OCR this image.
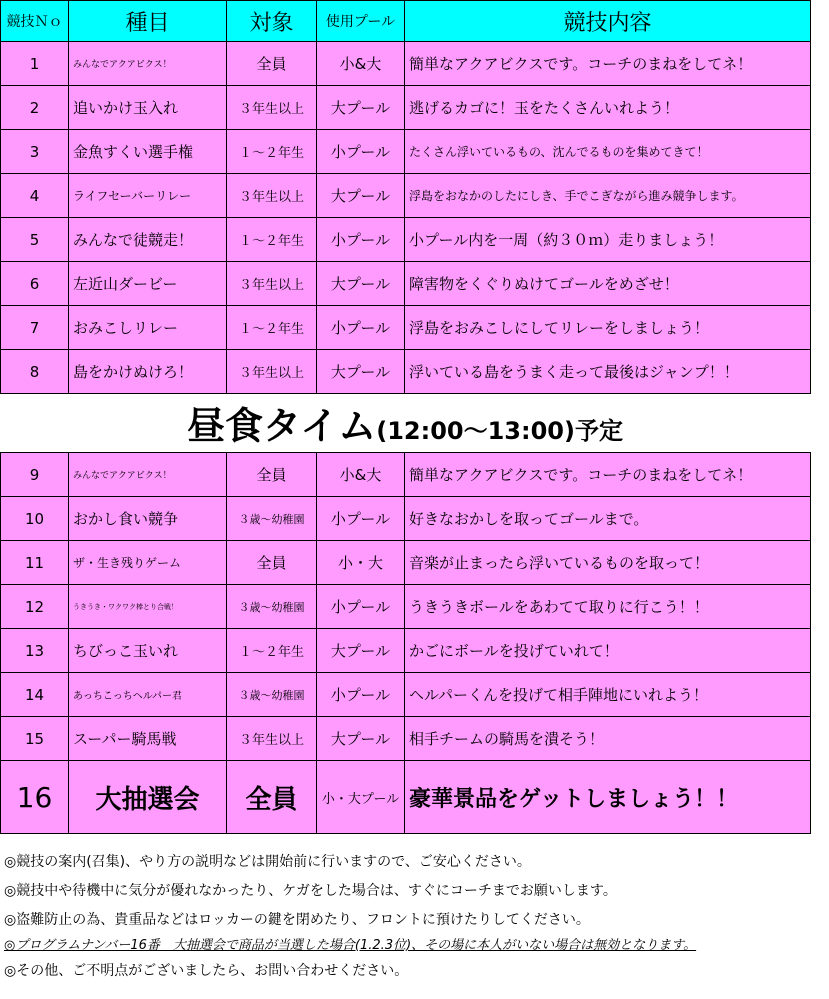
競技Ｎｏ	種目	対象	使用プール	競技内容
1	みんなでアクアビクス！	全員	小&大	簡単なアクアビクスです。コーチのまねをしてネ！
2	追いかけ玉入れ	３年生以上	大プール	逃げるカゴに！玉をたくさんいれよう！
3	金魚すくい選手権	１～２年生	小プール	たくさん浮いているもの、沈んでるものを集めてきて！
4	ライフセーバーリレー	３年生以上	大プール	浮島をおなかのしたにしき、手でこぎながら進み競争します。
5	みんなで徒競走！	１～２年生	小プール	小プール内を一周（約３０ｍ）走りましょう！
6	左近山ダービー	３年生以上	大プール	障害物をくぐりぬけてゴールをめざせ！
7	おみこしリレー	１～２年生	小プール	浮島をおみこしにしてリレーをしましょう！
8	島をかけぬけろ！	３年生以上	大プール	浮いている島をうまく走って最後はジャンプ！！
昼食タイム(12:00～13:00)予定
9	みんなでアクアビクス！	全員	小&大	簡単なアクアビクスです。コーチのまねをしてネ！
10	おかし食い競争	３歳～幼稚園	小プール	好きなおかしを取ってゴールまで。
11	ザ・生き残りゲーム	全員	小・大	音楽が止まったら浮いているものを取って！
12	うきうき・ワクワク棒とり合戦！	３歳～幼稚園	小プール	うきうきボールをあわてて取りに行こう！！
13	ちびっこ玉いれ	１～２年生	大プール	かごにボールを投げていれて！
14	あっちこっちヘルパー君	３歳～幼稚園	小プール	ヘルパーくんを投げて相手陣地にいれよう！
15	スーパー騎馬戦	３年生以上	大プール	相手チームの騎馬を潰そう！
16	大抽選会	全員	小・大プール	豪華景品をゲットしましょう！！
◎競技の案内(召集)、やり方の説明などは開始前に行いますので、ご安心ください。
◎競技中や待機中に気分が優れなかったり、ケガをした場合は、すぐにコーチまでお願いします。
◎盗難防止の為、貴重品などはロッカーの鍵を閉めたり、フロントに預けたりしてください。
◎プログラムナンバー16番　大抽選会で商品が当選した場合(1.2.3位)、その場に本人がいない場合は無効となります。
◎その他、ご不明点がございましたら、お問い合わせください。
